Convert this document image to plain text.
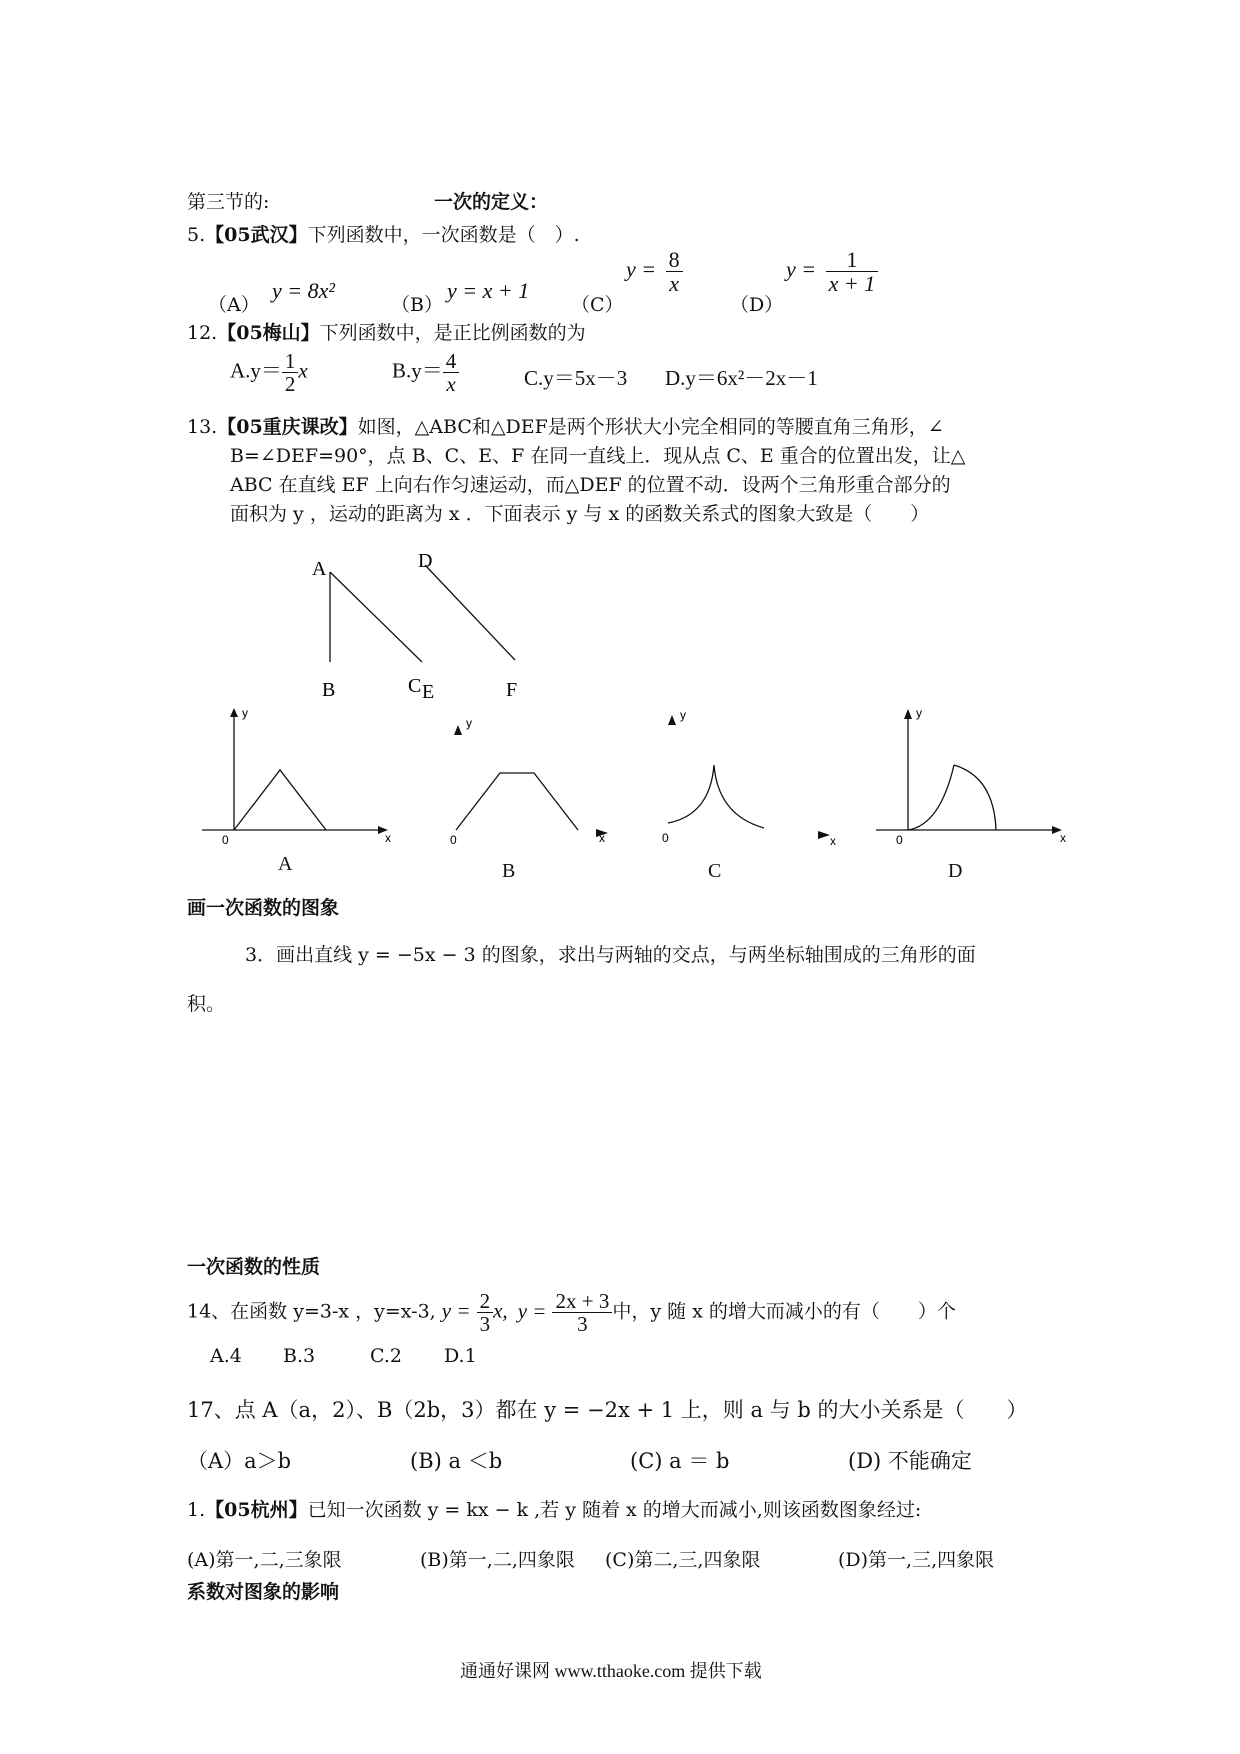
第三节的:	一次的定义：
5.【05武汉】下列函数中，一次函数是（　）.
（A）
y = 8x²
（B）
y = x + 1
（C）
$y = \frac{8}{x}$
（D）
$y = \frac{1}{x + 1}$
12.【05梅山】下列函数中，是正比例函数的为
$A.y= \frac{1}{2}$ x	$B.y= \frac{4}{x}$	C.y＝5x－3 D.y＝6x²－2x－1
13.【05重庆课改】如图，△ABC和△DEF是两个形状大小完全相同的等腰直角三角形，∠
B=∠DEF=90°，点 B、C、E、F 在同一直线上．现从点 C、E 重合的位置出发，让△
ABC 在直线 EF 上向右作匀速运动，而△DEF 的位置不动．设两个三角形重合部分的
面积为 y ，运动的距离为 x ．下面表示 y 与 x 的函数关系式的图象大致是（　　）
A
B	C E
D
F
y
x
0
A
y
x
0
B
y
x
0
C
y
x
0
D
画一次函数的图象
3．画出直线 y = −5x − 3 的图象，求出与两轴的交点，与两坐标轴围成的三角形的面
积。
一次函数的性质
14、在函数 y=3-x ，y=x-3, $y = \frac{2}{3} x$, $y = \frac{2x + 3}{3}$ 中，y 随 x 的增大而减小的有（　　）个
A.4 B.3	C.2 D.1
17、点 A（a，2）、B（2b，3）都在 y = −2x + 1 上，则 a 与 b 的大小关系是（　　）
（A）a＞b	(B) a ＜b	(C) a ＝ b	(D) 不能确定
1.【05杭州】已知一次函数 y = kx − k ,若 y 随着 x 的增大而减小,则该函数图象经过:
(A)第一,二,三象限	(B)第一,二,四象限 (C)第二,三,四象限	(D)第一,三,四象限
系数对图象的影响
通通好课网 www.tthaoke.com 提供下载
